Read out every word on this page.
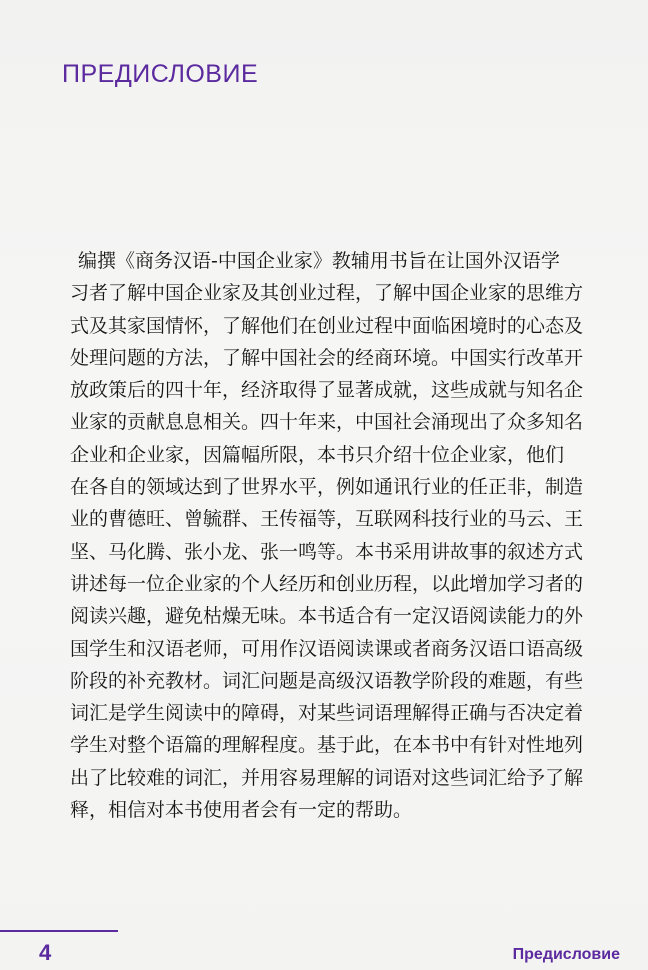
ПРЕДИСЛОВИЕ
编撰《商务汉语-中国企业家》教辅用书旨在让国外汉语学
习者了解中国企业家及其创业过程，了解中国企业家的思维方
式及其家国情怀，了解他们在创业过程中面临困境时的心态及
处理问题的方法，了解中国社会的经商环境。中国实行改革开
放政策后的四十年，经济取得了显著成就，这些成就与知名企
业家的贡献息息相关。四十年来，中国社会涌现出了众多知名
企业和企业家，因篇幅所限，本书只介绍十位企业家，他们
在各自的领域达到了世界水平，例如通讯行业的任正非，制造
业的曹德旺、曾毓群、王传福等，互联网科技行业的马云、王
坚、马化腾、张小龙、张一鸣等。本书采用讲故事的叙述方式
讲述每一位企业家的个人经历和创业历程，以此增加学习者的
阅读兴趣，避免枯燥无味。本书适合有一定汉语阅读能力的外
国学生和汉语老师，可用作汉语阅读课或者商务汉语口语高级
阶段的补充教材。词汇问题是高级汉语教学阶段的难题，有些
词汇是学生阅读中的障碍，对某些词语理解得正确与否决定着
学生对整个语篇的理解程度。基于此，在本书中有针对性地列
出了比较难的词汇，并用容易理解的词语对这些词汇给予了解
释，相信对本书使用者会有一定的帮助。
4	Предисловие
